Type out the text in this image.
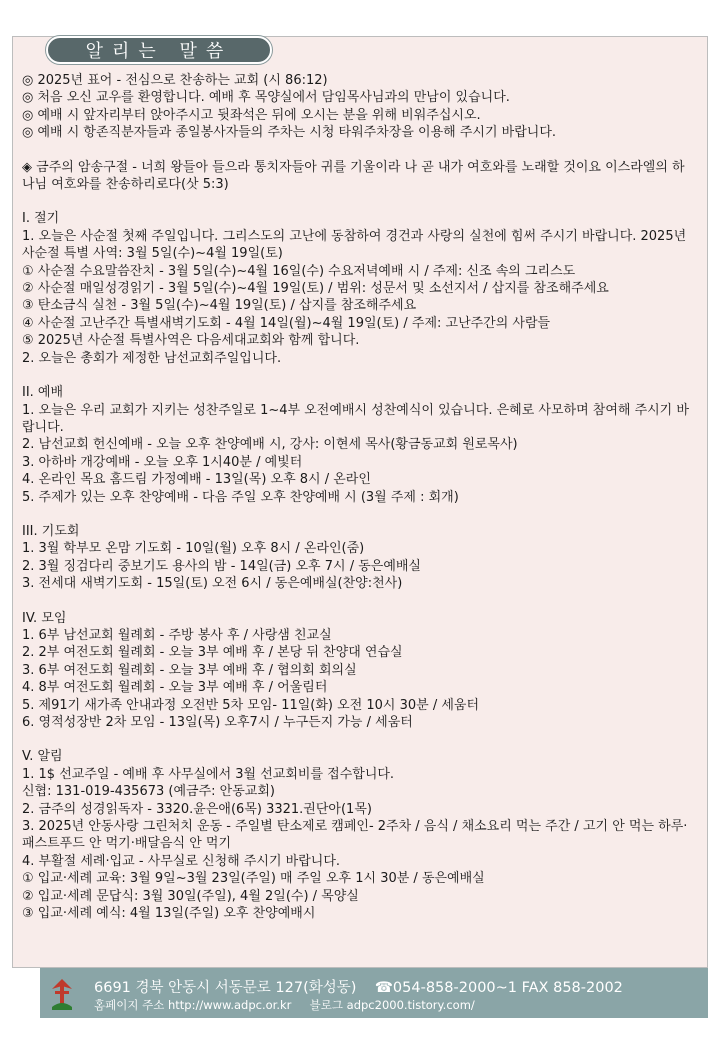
알리는 말씀
◎ 2025년 표어 - 전심으로 찬송하는 교회 (시 86:12)
◎ 처음 오신 교우를 환영합니다. 예배 후 목양실에서 담임목사님과의 만남이 있습니다.
◎ 예배 시 앞자리부터 앉아주시고 뒷좌석은 뒤에 오시는 분을 위해 비워주십시오.
◎ 예배 시 항존직분자들과 종일봉사자들의 주차는 시청 타워주차장을 이용해 주시기 바랍니다.
◈ 금주의 암송구절 - 너희 왕들아 들으라 통치자들아 귀를 기울이라 나 곧 내가 여호와를 노래할 것이요 이스라엘의 하나님 여호와를 찬송하리로다(삿 5:3)
I. 절기
1. 오늘은 사순절 첫째 주일입니다. 그리스도의 고난에 동참하여 경건과 사랑의 실천에 힘써 주시기 바랍니다. 2025년 사순절 특별 사역: 3월 5일(수)~4월 19일(토)
① 사순절 수요말씀잔치 - 3월 5일(수)~4월 16일(수) 수요저녁예배 시 / 주제: 신조 속의 그리스도
② 사순절 매일성경읽기 - 3월 5일(수)~4월 19일(토) / 범위: 성문서 및 소선지서 / 삽지를 참조해주세요
③ 탄소금식 실천 - 3월 5일(수)~4월 19일(토) / 삽지를 참조해주세요
④ 사순절 고난주간 특별새벽기도회 - 4월 14일(월)~4월 19일(토) / 주제: 고난주간의 사람들
⑤ 2025년 사순절 특별사역은 다음세대교회와 함께 합니다.
2. 오늘은 총회가 제정한 남선교회주일입니다.
II. 예배
1. 오늘은 우리 교회가 지키는 성찬주일로 1~4부 오전예배시 성찬예식이 있습니다. 은혜로 사모하며 참여해 주시기 바랍니다.
2. 남선교회 헌신예배 - 오늘 오후 찬양예배 시, 강사: 이현세 목사(황금동교회 원로목사)
3. 아하바 개강예배 - 오늘 오후 1시40분 / 예빛터
4. 온라인 목요 홈드림 가정예배 - 13일(목) 오후 8시 / 온라인
5. 주제가 있는 오후 찬양예배 - 다음 주일 오후 찬양예배 시 (3월 주제 : 회개)
III. 기도회
1. 3월 학부모 온맘 기도회 - 10일(월) 오후 8시 / 온라인(줌)
2. 3월 징검다리 중보기도 용사의 밤 - 14일(금) 오후 7시 / 동은예배실
3. 전세대 새벽기도회 - 15일(토) 오전 6시 / 동은예배실(찬양:천사)
IV. 모임
1. 6부 남선교회 월례회 - 주방 봉사 후 / 사랑샘 친교실
2. 2부 여전도회 월례회 - 오늘 3부 예배 후 / 본당 뒤 찬양대 연습실
3. 6부 여전도회 월례회 - 오늘 3부 예배 후 / 협의회 회의실
4. 8부 여전도회 월례회 - 오늘 3부 예배 후 / 어울림터
5. 제91기 새가족 안내과정 오전반 5차 모임- 11일(화) 오전 10시 30분 / 세움터
6. 영적성장반 2차 모임 - 13일(목) 오후7시 / 누구든지 가능 / 세움터
V. 알림
1. 1$ 선교주일 - 예배 후 사무실에서 3월 선교회비를 접수합니다.
신협: 131-019-435673 (예금주: 안동교회)
2. 금주의 성경읽독자 - 3320.윤은애(6목) 3321.권단아(1목)
3. 2025년 안동사랑 그린처치 운동 - 주일별 탄소제로 캠페인- 2주차 / 음식 / 채소요리 먹는 주간 / 고기 안 먹는 하루·패스트푸드 안 먹기·배달음식 안 먹기
4. 부활절 세례·입교 - 사무실로 신청해 주시기 바랍니다.
① 입교·세례 교육: 3월 9일~3월 23일(주일) 매 주일 오후 1시 30분 / 동은예배실
② 입교·세례 문답식: 3월 30일(주일), 4월 2일(수) / 목양실
③ 입교·세례 예식: 4월 13일(주일) 오후 찬양예배시
6691 경북 안동시 서동문로 127(화성동) ☎054-858-2000~1 FAX 858-2002
홈페이지 주소 http://www.adpc.or.kr 블로그 adpc2000.tistory.com/
